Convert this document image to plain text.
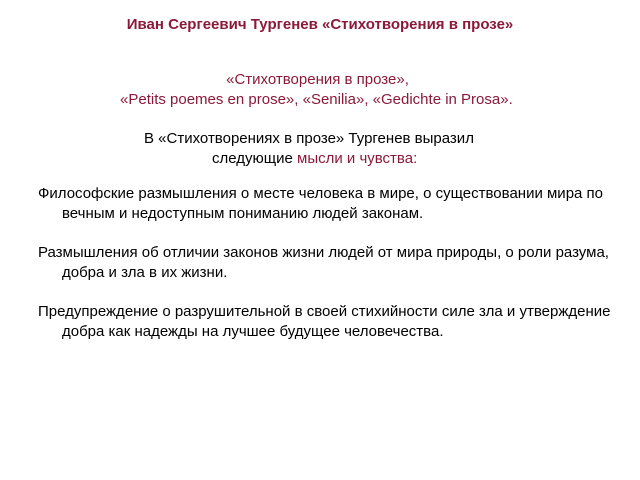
Иван Сергеевич Тургенев «Стихотворения в прозе»
«Стихотворения в прозе»,
«Petits poemes en prose», «Senilia», «Gedichte in Prosa».
В «Стихотворениях в прозе» Тургенев выразил
следующие мысли и чувства:
Философские размышления о месте человека в мире, о существовании мира по вечным и недоступным пониманию людей законам.
Размышления об отличии законов жизни людей от мира природы, о роли разума, добра и зла в их жизни.
Предупреждение о разрушительной в своей стихийности силе зла и утверждение добра как надежды на лучшее будущее человечества.
